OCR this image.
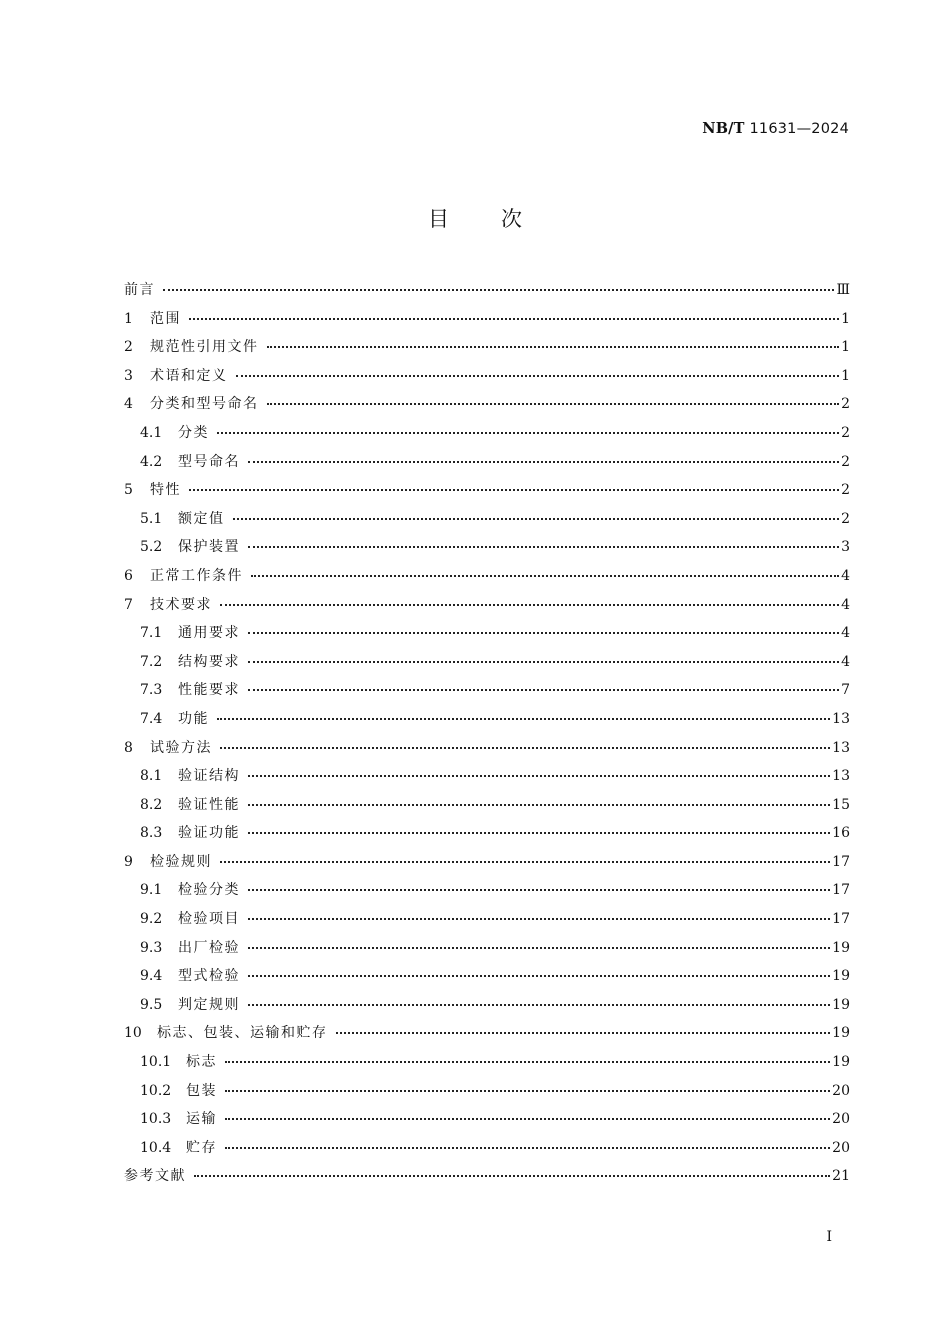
NB/T 11631—2024
目次
前言	Ⅲ
1	范围	1
2	规范性引用文件	1
3	术语和定义	1
4	分类和型号命名	2
4.1	分类	2
4.2	型号命名	2
5	特性	2
5.1	额定值	2
5.2	保护装置	3
6	正常工作条件	4
7	技术要求	4
7.1	通用要求	4
7.2	结构要求	4
7.3	性能要求	7
7.4	功能	13
8	试验方法	13
8.1	验证结构	13
8.2	验证性能	15
8.3	验证功能	16
9	检验规则	17
9.1	检验分类	17
9.2	检验项目	17
9.3	出厂检验	19
9.4	型式检验	19
9.5	判定规则	19
10	标志、包装、运输和贮存	19
10.1	标志	19
10.2	包装	20
10.3	运输	20
10.4	贮存	20
参考文献	21
I
